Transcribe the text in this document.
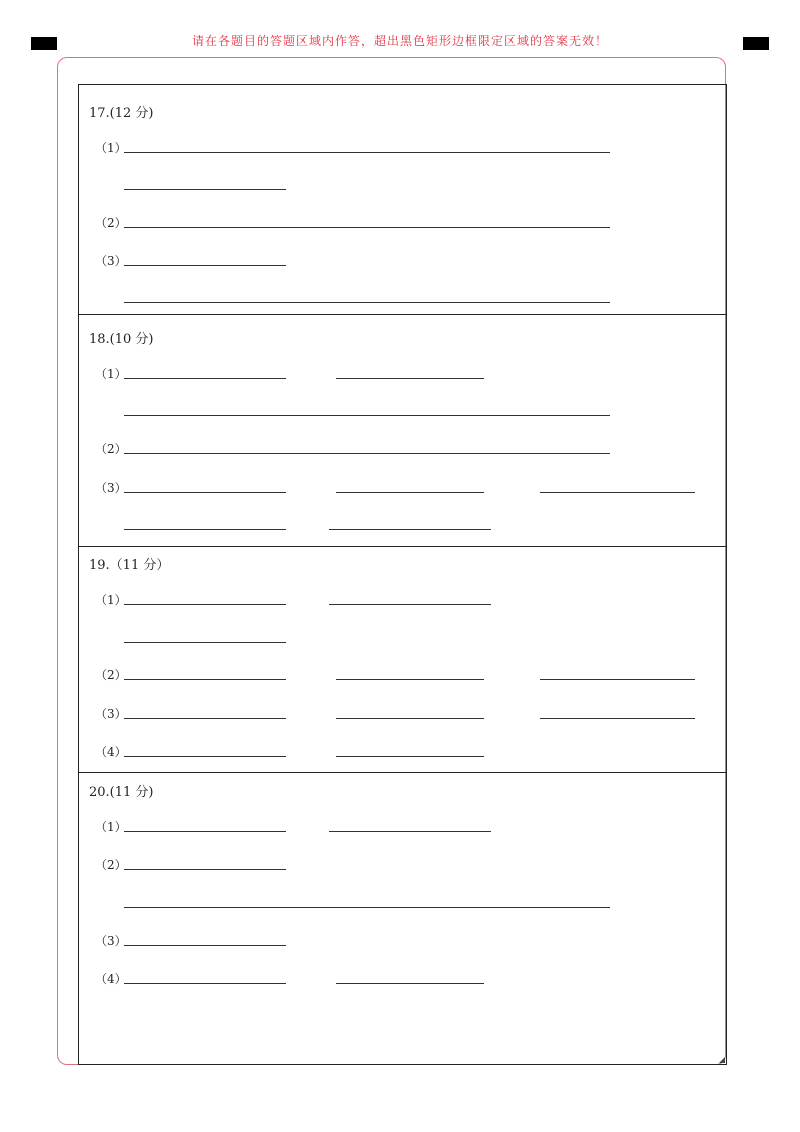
请在各题目的答题区域内作答，超出黑色矩形边框限定区域的答案无效！
17.(12 分)
（1）
（2）
（3）
18.(10 分)
（1）
（2）
（3）
19.（11 分）
（1）
（2）
（3）
（4）
20.(11 分)
（1）
（2）
（3）
（4）
